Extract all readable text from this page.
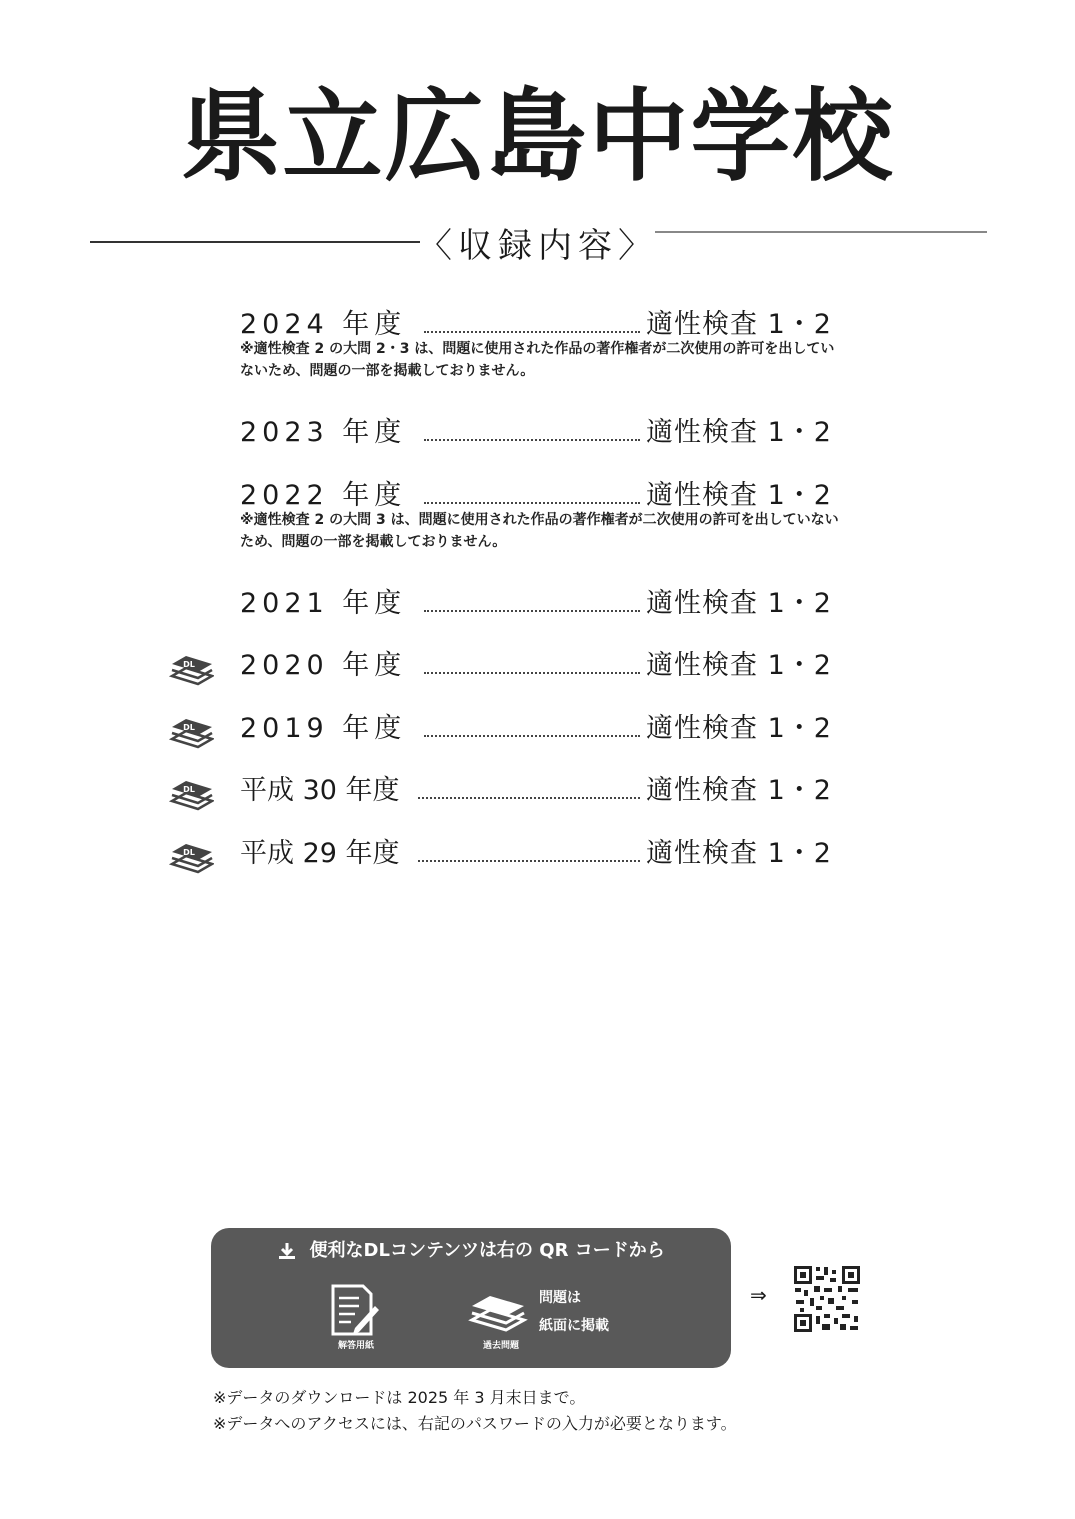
県立広島中学校
〈収録内容〉
2024 年度	適性検査 1・2
※適性検査 2 の大問 2・3 は、問題に使用された作品の著作権者が二次使用の許可を出していないため、問題の一部を掲載しておりません。
2023 年度	適性検査 1・2
2022 年度	適性検査 1・2
※適性検査 2 の大問 3 は、問題に使用された作品の著作権者が二次使用の許可を出していないため、問題の一部を掲載しておりません。
2021 年度	適性検査 1・2
2020 年度	適性検査 1・2
2019 年度	適性検査 1・2
平成 30 年度	適性検査 1・2
平成 29 年度	適性検査 1・2
DL
DL
DL
DL
便利なDLコンテンツは右の QR コードから
解答用紙	過去問題
問題は
紙面に掲載
⇒
※データのダウンロードは 2025 年 3 月末日まで。
※データへのアクセスには、右記のパスワードの入力が必要となります。
